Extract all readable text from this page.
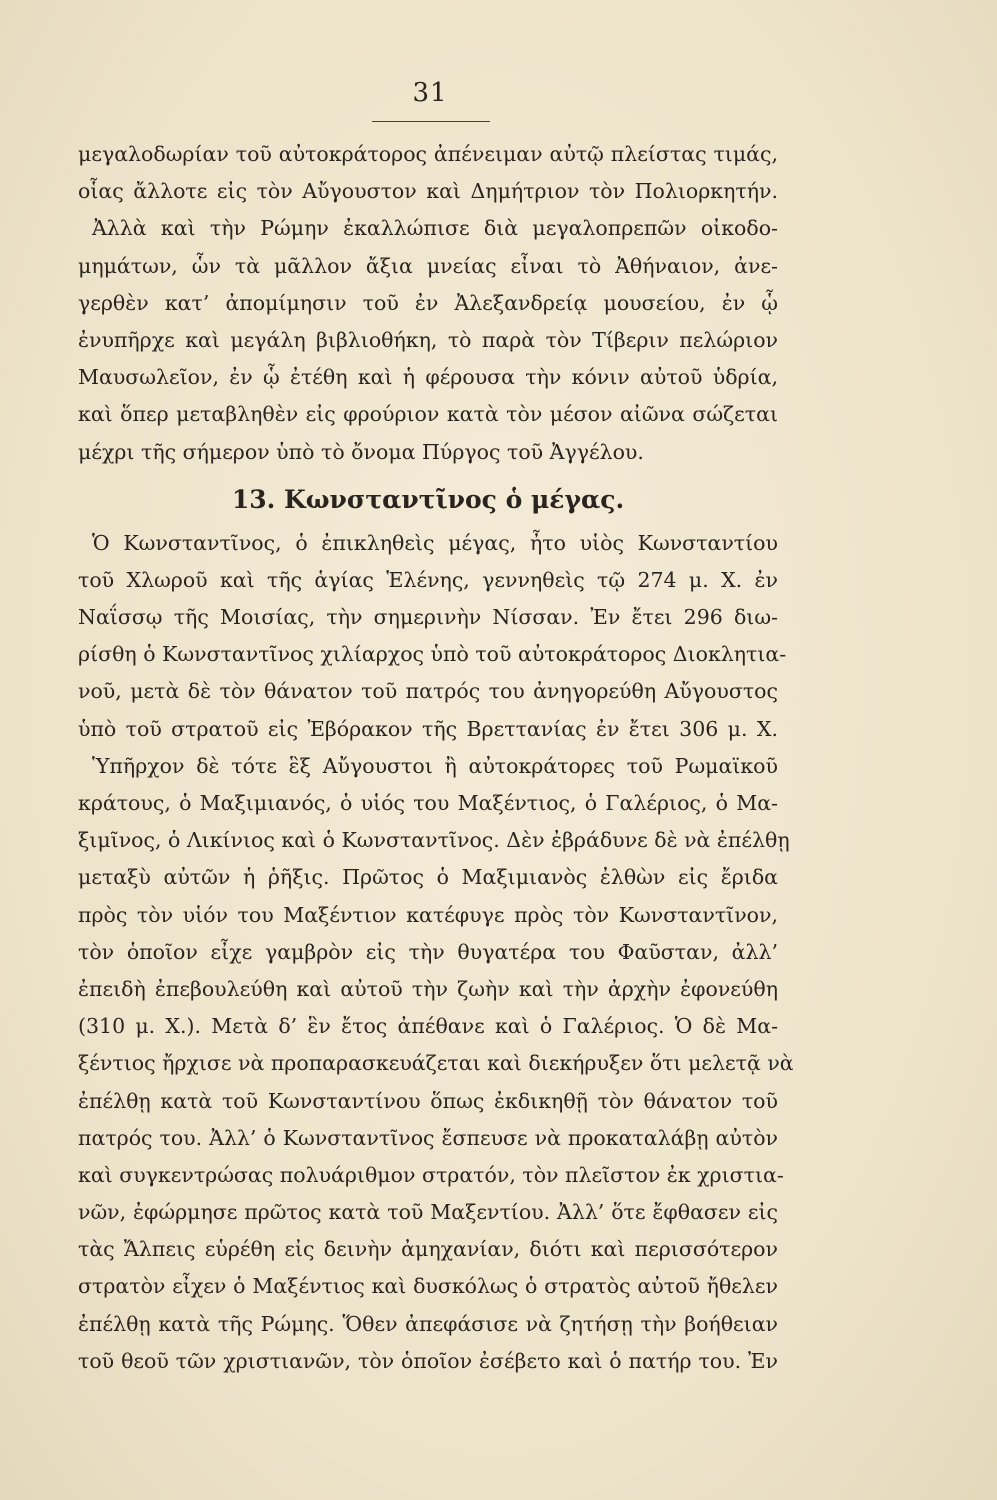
31
μεγαλοδωρίαν τοῦ αὐτοκράτορος ἀπένειμαν αὐτῷ πλείστας τιμάς,
οἷας ἄλλοτε εἰς τὸν Αὔγουστον καὶ Δημήτριον τὸν Πολιορκητήν.
Ἀλλὰ καὶ τὴν Ρώμην ἐκαλλώπισε διὰ μεγαλοπρεπῶν οἰκοδο-
μημάτων, ὧν τὰ μᾶλλον ἄξια μνείας εἶναι τὸ Ἀθήναιον, ἀνε-
γερθὲν κατ’ ἀπομίμησιν τοῦ ἐν Ἀλεξανδρείᾳ μουσείου, ἐν ᾧ
ἐνυπῆρχε καὶ μεγάλη βιβλιοθήκη, τὸ παρὰ τὸν Τίβεριν πελώριον
Μαυσωλεῖον, ἐν ᾧ ἐτέθη καὶ ἡ φέρουσα τὴν κόνιν αὐτοῦ ὑδρία,
καὶ ὅπερ μεταβληθὲν εἰς φρούριον κατὰ τὸν μέσον αἰῶνα σώζεται
μέχρι τῆς σήμερον ὑπὸ τὸ ὄνομα Πύργος τοῦ Ἀγγέλου.
13. Κωνσταντῖνος ὁ μέγας.
Ὁ Κωνσταντῖνος, ὁ ἐπικληθεὶς μέγας, ἦτο υἱὸς Κωνσταντίου
τοῦ Χλωροῦ καὶ τῆς ἁγίας Ἑλένης, γεννηθεὶς τῷ 274 μ. Χ. ἐν
Ναΐσσῳ τῆς Μοισίας, τὴν σημερινὴν Νίσσαν. Ἐν ἔτει 296 διω-
ρίσθη ὁ Κωνσταντῖνος χιλίαρχος ὑπὸ τοῦ αὐτοκράτορος Διοκλητια-
νοῦ, μετὰ δὲ τὸν θάνατον τοῦ πατρός του ἀνηγορεύθη Αὔγουστος
ὑπὸ τοῦ στρατοῦ εἰς Ἐβόρακον τῆς Βρεττανίας ἐν ἔτει 306 μ. Χ.
Ὑπῆρχον δὲ τότε ἓξ Αὔγουστοι ἢ αὐτοκράτορες τοῦ Ρωμαϊκοῦ
κράτους, ὁ Μαξιμιανός, ὁ υἱός του Μαξέντιος, ὁ Γαλέριος, ὁ Μα-
ξιμῖνος, ὁ Λικίνιος καὶ ὁ Κωνσταντῖνος. Δὲν ἐβράδυνε δὲ νὰ ἐπέλθῃ
μεταξὺ αὐτῶν ἡ ῥῆξις. Πρῶτος ὁ Μαξιμιανὸς ἐλθὼν εἰς ἔριδα
πρὸς τὸν υἱόν του Μαξέντιον κατέφυγε πρὸς τὸν Κωνσταντῖνον,
τὸν ὁποῖον εἶχε γαμβρὸν εἰς τὴν θυγατέρα του Φαῦσταν, ἀλλ’
ἐπειδὴ ἐπεβουλεύθη καὶ αὐτοῦ τὴν ζωὴν καὶ τὴν ἀρχὴν ἐφονεύθη
(310 μ. Χ.). Μετὰ δ’ ἓν ἔτος ἀπέθανε καὶ ὁ Γαλέριος. Ὁ δὲ Μα-
ξέντιος ἤρχισε νὰ προπαρασκευάζεται καὶ διεκήρυξεν ὅτι μελετᾷ νὰ
ἐπέλθῃ κατὰ τοῦ Κωνσταντίνου ὅπως ἐκδικηθῇ τὸν θάνατον τοῦ
πατρός του. Ἀλλ’ ὁ Κωνσταντῖνος ἔσπευσε νὰ προκαταλάβῃ αὐτὸν
καὶ συγκεντρώσας πολυάριθμον στρατόν, τὸν πλεῖστον ἐκ χριστια-
νῶν, ἐφώρμησε πρῶτος κατὰ τοῦ Μαξεντίου. Ἀλλ’ ὅτε ἔφθασεν εἰς
τὰς Ἄλπεις εὑρέθη εἰς δεινὴν ἀμηχανίαν, διότι καὶ περισσότερον
στρατὸν εἶχεν ὁ Μαξέντιος καὶ δυσκόλως ὁ στρατὸς αὐτοῦ ἤθελεν
ἐπέλθῃ κατὰ τῆς Ρώμης. Ὅθεν ἀπεφάσισε νὰ ζητήσῃ τὴν βοήθειαν
τοῦ θεοῦ τῶν χριστιανῶν, τὸν ὁποῖον ἐσέβετο καὶ ὁ πατήρ του. Ἐν
